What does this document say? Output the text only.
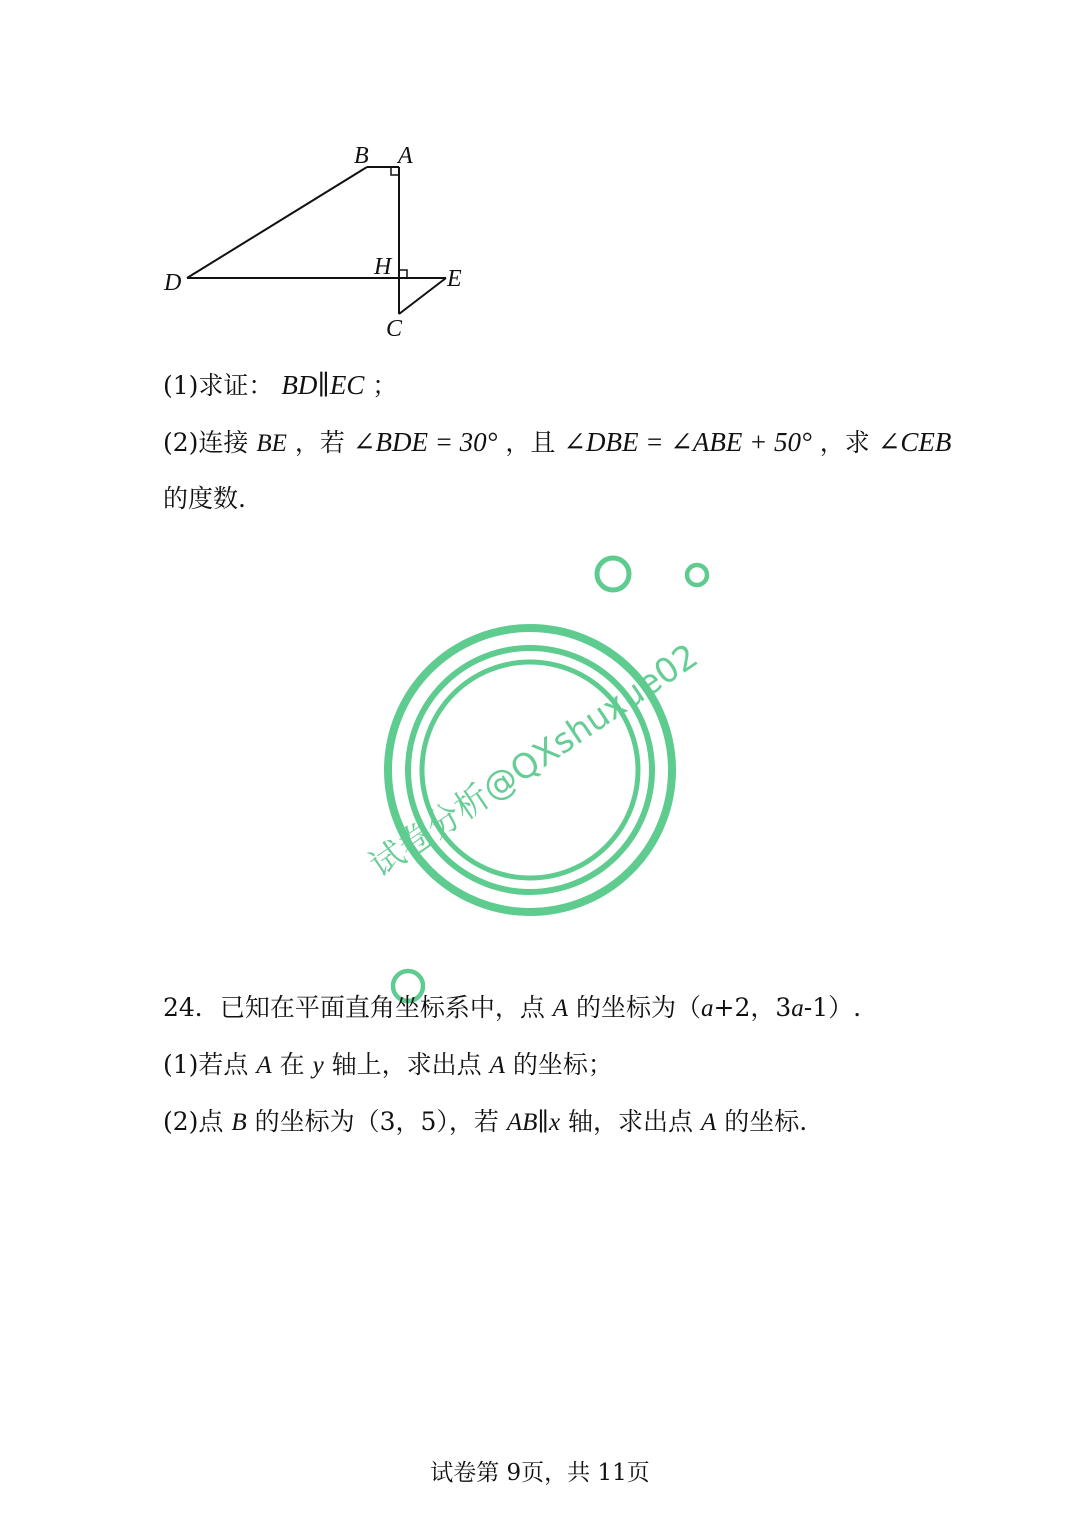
B A
H
D	E
C
(1)求证： BD∥EC ；
(2)连接 BE ，若 ∠BDE = 30° ，且 ∠DBE = ∠ABE + 50° ，求 ∠CEB
的度数.
试卷分析@QXshuxue02
24．已知在平面直角坐标系中，点 A 的坐标为（a+2，3a-1）.
(1)若点 A 在 y 轴上，求出点 A 的坐标；
(2)点 B 的坐标为（3，5），若 AB∥x 轴，求出点 A 的坐标.
试卷第 9页，共 11页
